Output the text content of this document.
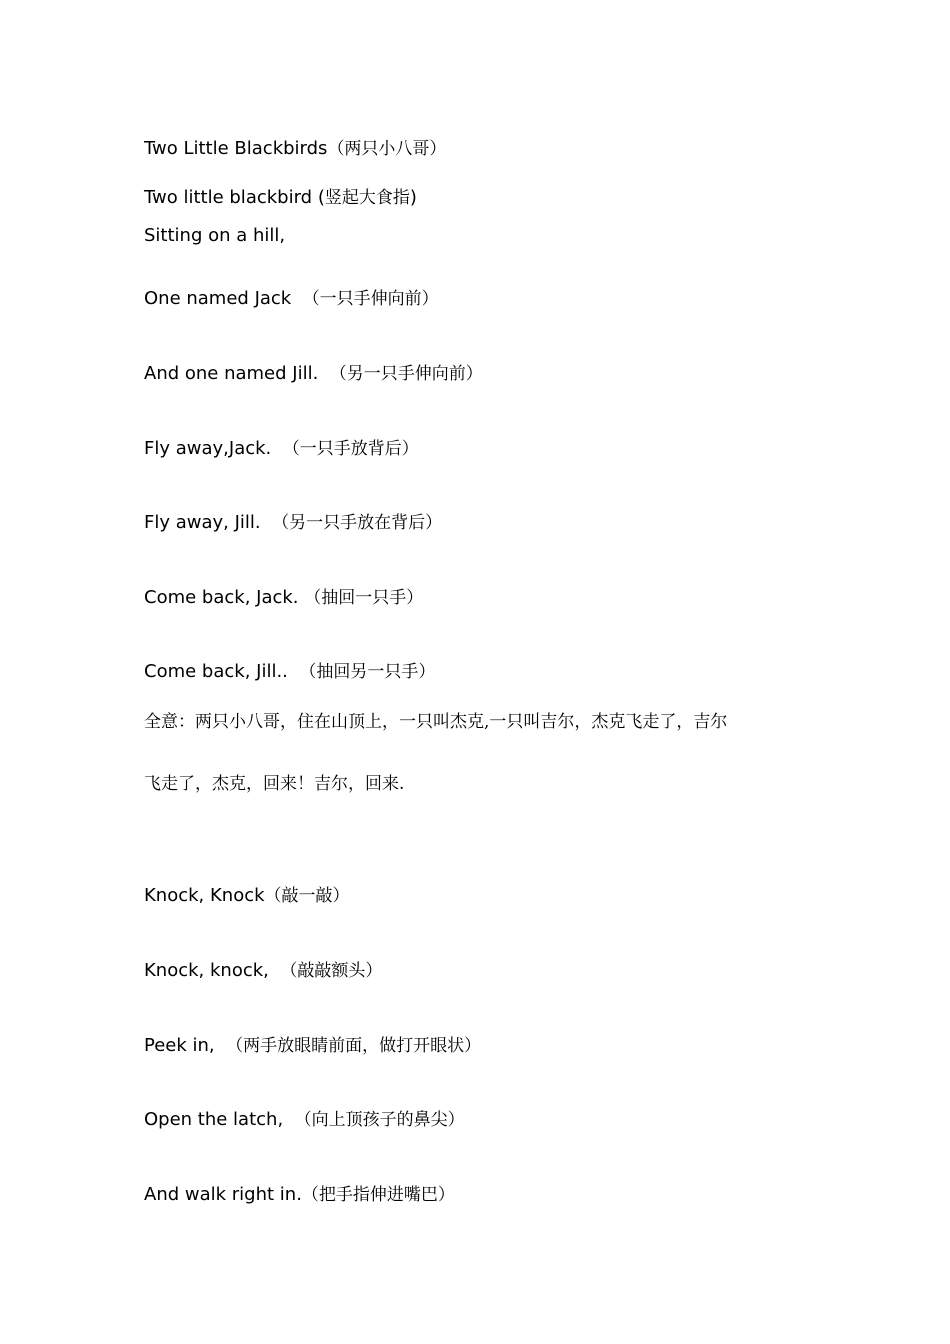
Two Little Blackbirds（两只小八哥）

Two little blackbird (竖起大食指)

Sitting on a hill,

One named Jack  （一只手伸向前）

And one named Jill.  （另一只手伸向前）

Fly away,Jack.  （一只手放背后）

Fly away, Jill.  （另一只手放在背后）

Come back, Jack. （抽回一只手）

Come back, Jill..  （抽回另一只手）

全意：两只小八哥，住在山顶上，一只叫杰克,一只叫吉尔，杰克飞走了，吉尔

飞走了，杰克，回来！吉尔，回来.

Knock, Knock（敲一敲）

Knock, knock,  （敲敲额头）

Peek in,  （两手放眼睛前面，做打开眼状）

Open the latch,  （向上顶孩子的鼻尖）

And walk right in.（把手指伸进嘴巴）
